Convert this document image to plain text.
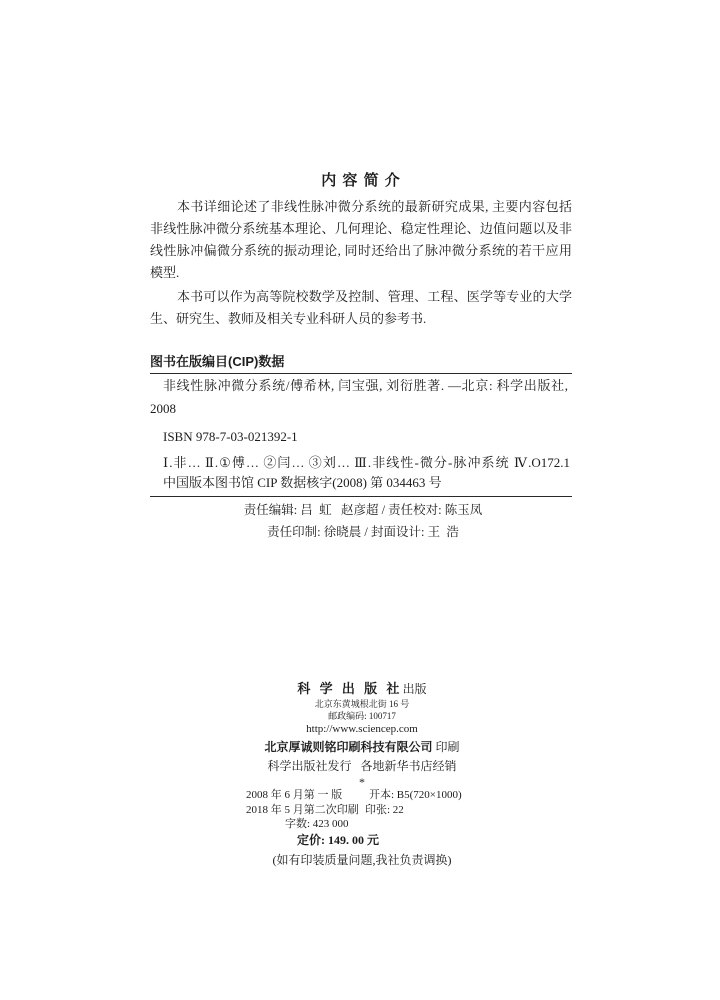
内 容 简 介
本书详细论述了非线性脉冲微分系统的最新研究成果, 主要内容包括
非线性脉冲微分系统基本理论、几何理论、稳定性理论、边值问题以及非
线性脉冲偏微分系统的振动理论, 同时还给出了脉冲微分系统的若干应用
模型.
本书可以作为高等院校数学及控制、管理、工程、医学等专业的大学
生、研究生、教师及相关专业科研人员的参考书.
图书在版编目(CIP)数据
非线性脉冲微分系统/傅希林, 闫宝强, 刘衍胜著. —北京: 科学出版社,
2008
ISBN 978-7-03-021392-1
Ⅰ.非… Ⅱ.①傅… ②闫… ③刘… Ⅲ.非线性-微分-脉冲系统 Ⅳ.O172.1
中国版本图书馆 CIP 数据核字(2008) 第 034463 号
责任编辑: 吕  虹   赵彦超 / 责任校对: 陈玉凤
责任印制: 徐晓晨 / 封面设计: 王  浩
科 学 出 版 社 出版
北京东黄城根北街 16 号
邮政编码: 100717
http://www.sciencep.com
北京厚诚则铭印刷科技有限公司 印刷
科学出版社发行   各地新华书店经销
*
2008 年 6 月第 一 版 开本: B5(720×1000)
2018 年 5 月第二次印刷 印张: 22
字数: 423 000
定价: 149. 00 元
(如有印装质量问题,我社负责调换)
